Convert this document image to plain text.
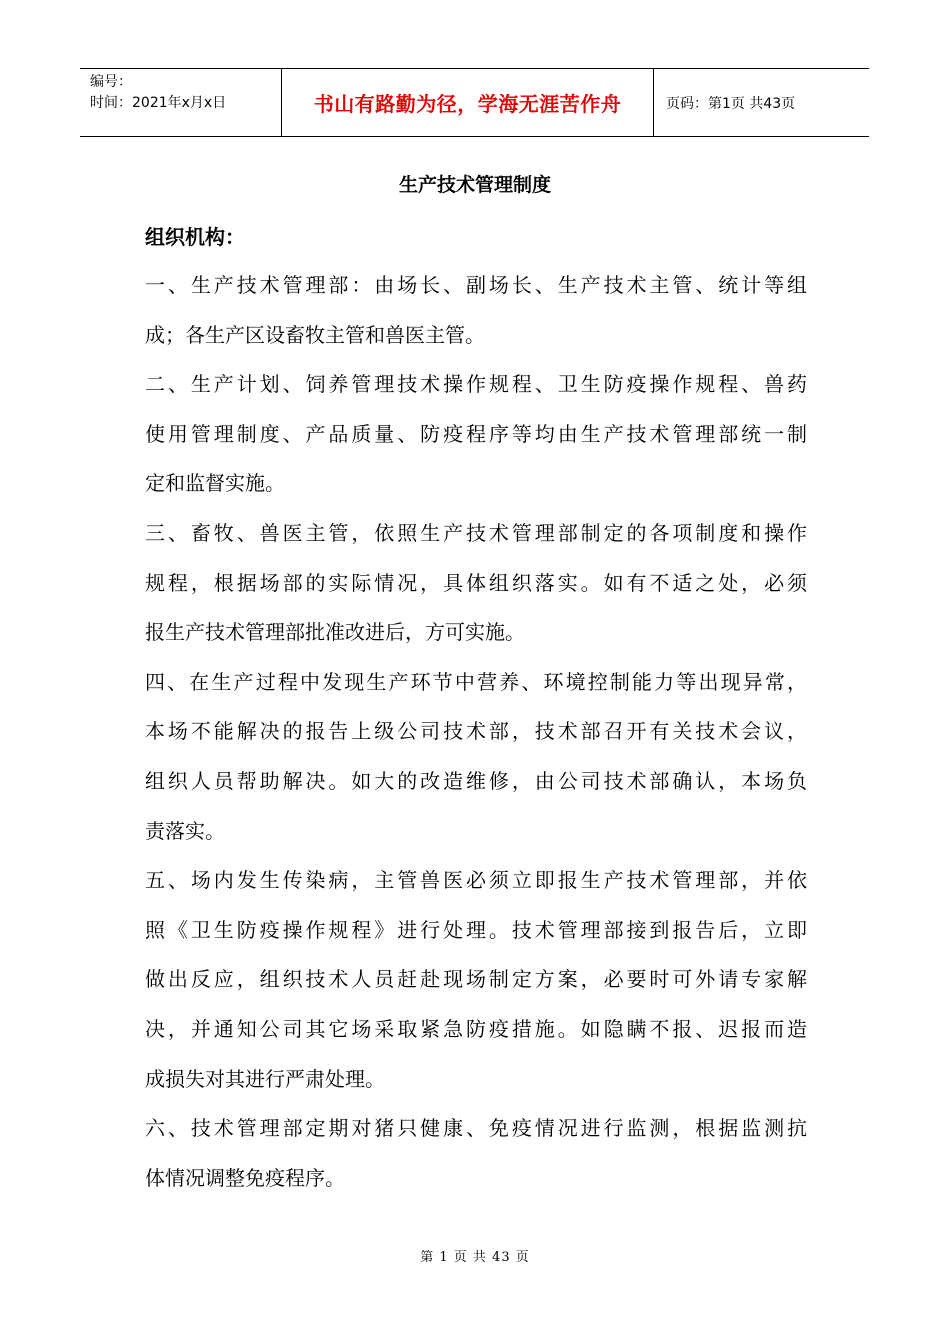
编号：
时间：2021年x月x日	书山有路勤为径，学海无涯苦作舟	页码：第1页 共43页
生产技术管理制度
组织机构：
一、生产技术管理部：由场长、副场长、生产技术主管、统计等组
成；各生产区设畜牧主管和兽医主管。
二、生产计划、饲养管理技术操作规程、卫生防疫操作规程、兽药
使用管理制度、产品质量、防疫程序等均由生产技术管理部统一制
定和监督实施。
三、畜牧、兽医主管，依照生产技术管理部制定的各项制度和操作
规程，根据场部的实际情况，具体组织落实。如有不适之处，必须
报生产技术管理部批准改进后，方可实施。
四、在生产过程中发现生产环节中营养、环境控制能力等出现异常，
本场不能解决的报告上级公司技术部，技术部召开有关技术会议，
组织人员帮助解决。如大的改造维修，由公司技术部确认，本场负
责落实。
五、场内发生传染病，主管兽医必须立即报生产技术管理部，并依
照《卫生防疫操作规程》进行处理。技术管理部接到报告后，立即
做出反应，组织技术人员赶赴现场制定方案，必要时可外请专家解
决，并通知公司其它场采取紧急防疫措施。如隐瞒不报、迟报而造
成损失对其进行严肃处理。
六、技术管理部定期对猪只健康、免疫情况进行监测，根据监测抗
体情况调整免疫程序。
第 1 页 共 43 页
